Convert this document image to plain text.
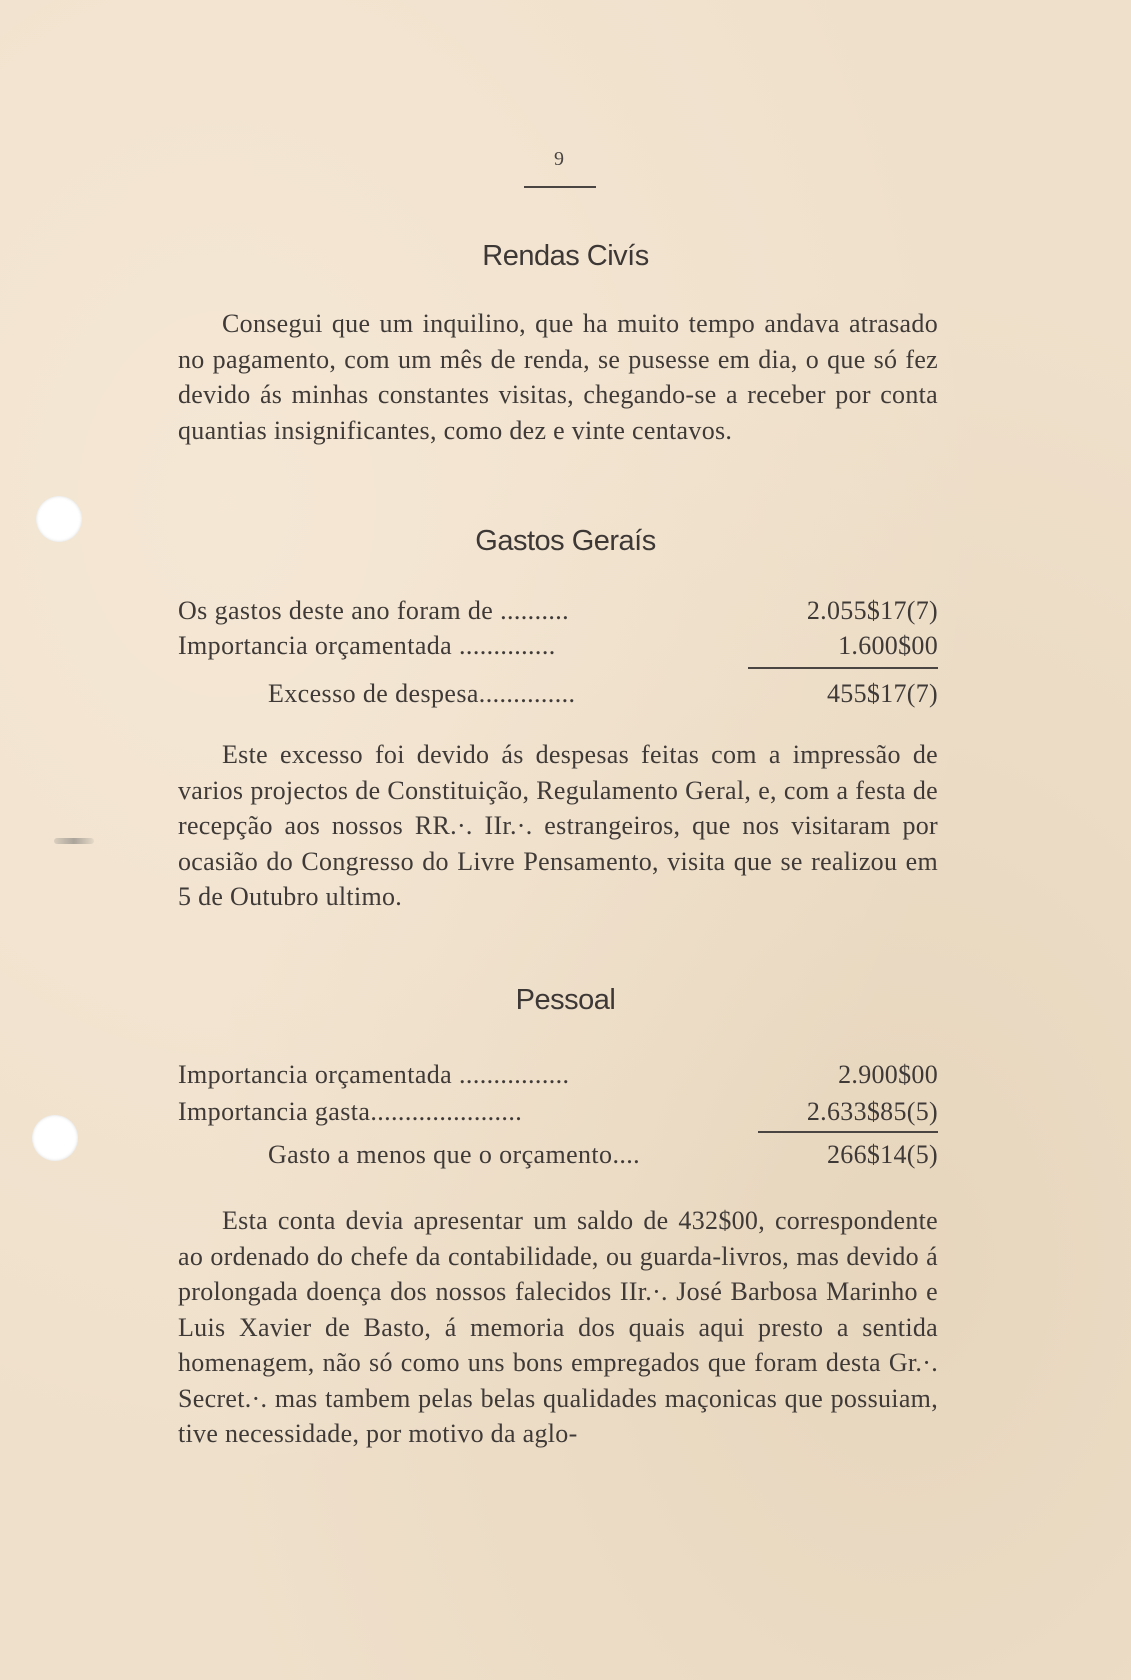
9
Rendas Civís

Consegui que um inquilino, que ha muito tempo andava atrasado no pagamento, com um mês de renda, se pusesse em dia, o que só fez devido ás minhas constantes visitas, chegando-se a receber por conta quantias insignificantes, como dez e vinte centavos.

Gastos Geraís
Os gastos deste ano foram de ..........	2.055$17(7)
Importancia orçamentada ..............	1.600$00
Excesso de despesa..............	455$17(7)

Este excesso foi devido ás despesas feitas com a impressão de varios projectos de Constituição, Regulamento Geral, e, com a festa de recepção aos nossos RR.·. IIr.·. estrangeiros, que nos visitaram por ocasião do Congresso do Livre Pensamento, visita que se realizou em 5 de Outubro ultimo.

Pessoal
Importancia orçamentada ................	2.900$00
Importancia gasta......................	2.633$85(5)
Gasto a menos que o orçamento....	266$14(5)

Esta conta devia apresentar um saldo de 432$00, correspondente ao ordenado do chefe da contabilidade, ou guarda-livros, mas devido á prolongada doença dos nossos falecidos IIr.·. José Barbosa Marinho e Luis Xavier de Basto, á memoria dos quais aqui presto a sentida homenagem, não só como uns bons empregados que foram desta Gr.·. Secret.·. mas tambem pelas belas qualidades maçonicas que possuiam, tive necessidade, por motivo da aglo-
